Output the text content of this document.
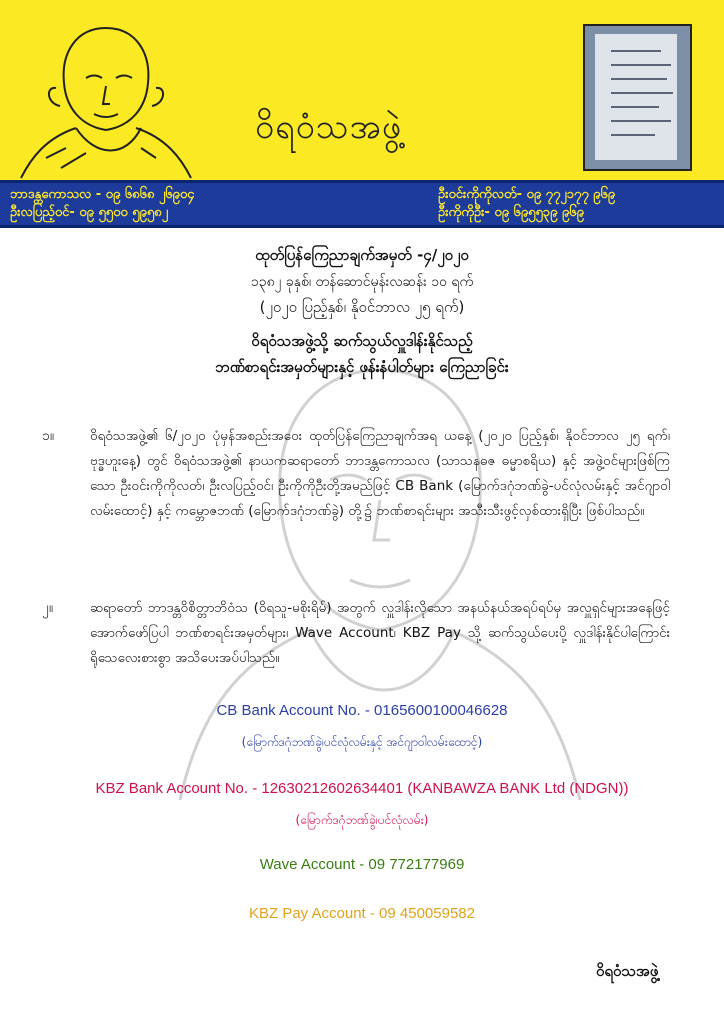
ဝိရဝံသအဖွဲ့
ဘာဒန္တကောသလ - ၀၉ ၆၈၆၈ ၂၆၉၀၄
ဦးလပြည့်ဝင်- ၀၉ ၅၅၀၀ ၅၉၅၈၂
ဦးဝင်းကိုကိုလတ်- ၀၉ ၇၇၂၁၇၇ ၉၆၉
ဦးကိုကိုဦး- ၀၉ ၆၉၅၅၃၉ ၉၆၉
ထုတ်ပြန်ကြေညာချက်အမှတ် -၄/၂၀၂၀
၁၃၈၂ ခုနှစ်၊ တန်ဆောင်မုန်းလဆန်း ၁၀ ရက်
(၂၀၂၀ ပြည့်နှစ်၊ နိုဝင်ဘာလ ၂၅ ရက်)
ဝိရဝံသအဖွဲ့သို့ ဆက်သွယ်လှူဒါန်းနိုင်သည့်
ဘဏ်စာရင်းအမှတ်များနှင့် ဖုန်းနံပါတ်များ ကြေညာခြင်း
၁။	ဝိရဝံသအဖွဲ့၏ ၆/၂၀၂၀ ပုံမှန်အစည်းအဝေး ထုတ်ပြန်ကြေညာချက်အရ ယနေ့ (၂၀၂၀ ပြည့်နှစ်၊ နိုဝင်ဘာလ ၂၅ ရက်၊ ဗုဒ္ဓဟူးနေ့) တွင် ဝိရဝံသအဖွဲ့၏ နာယကဆရာတော် ဘာဒန္တကောသလ (သာသနဓဇ ဓမ္မာစရိယ) နှင့် အဖွဲ့ဝင်များဖြစ်ကြသော ဦးဝင်းကိုကိုလတ်၊ ဦးလပြည့်ဝင်၊ ဦးကိုကိုဦးတို့အမည်ဖြင့် CB Bank (မြောက်ဒဂုံဘဏ်ခွဲ-ပင်လုံလမ်းနှင့် အင်ဂျာဝါလမ်းထောင့်) နှင့် ကမ္ဘောဇဘဏ် (မြောက်ဒဂုံဘဏ်ခွဲ) တို့၌ ဘဏ်စာရင်းများ အသီးသီးဖွင့်လှစ်ထားရှိပြီး ဖြစ်ပါသည်။
၂။	ဆရာတော် ဘာဒန္တဝိစိတ္တာဘိဝံသ (ဝိရသူ-မစိုးရိမ်) အတွက် လှူဒါန်းလိုသော အနယ်နယ်အရပ်ရပ်မှ အလှူရှင်များအနေဖြင့် အောက်ဖော်ပြပါ ဘဏ်စာရင်းအမှတ်များ၊ Wave Account၊ KBZ Pay သို့ ဆက်သွယ်ပေးပို့ လှူဒါန်းနိုင်ပါကြောင်း ရိုသေလေးစားစွာ အသိပေးအပ်ပါသည်။
CB Bank Account No. - 0165600100046628
(မြောက်ဒဂုံဘဏ်ခွဲ၊ပင်လုံလမ်းနှင့် အင်ဂျာဝါလမ်းထောင့်)
KBZ Bank Account No. - 12630212602634401 (KANBAWZA BANK Ltd (NDGN))
(မြောက်ဒဂုံဘဏ်ခွဲ၊ပင်လုံလမ်း)
Wave Account - 09 772177969
KBZ Pay Account - 09 450059582
ဝိရဝံသအဖွဲ့
